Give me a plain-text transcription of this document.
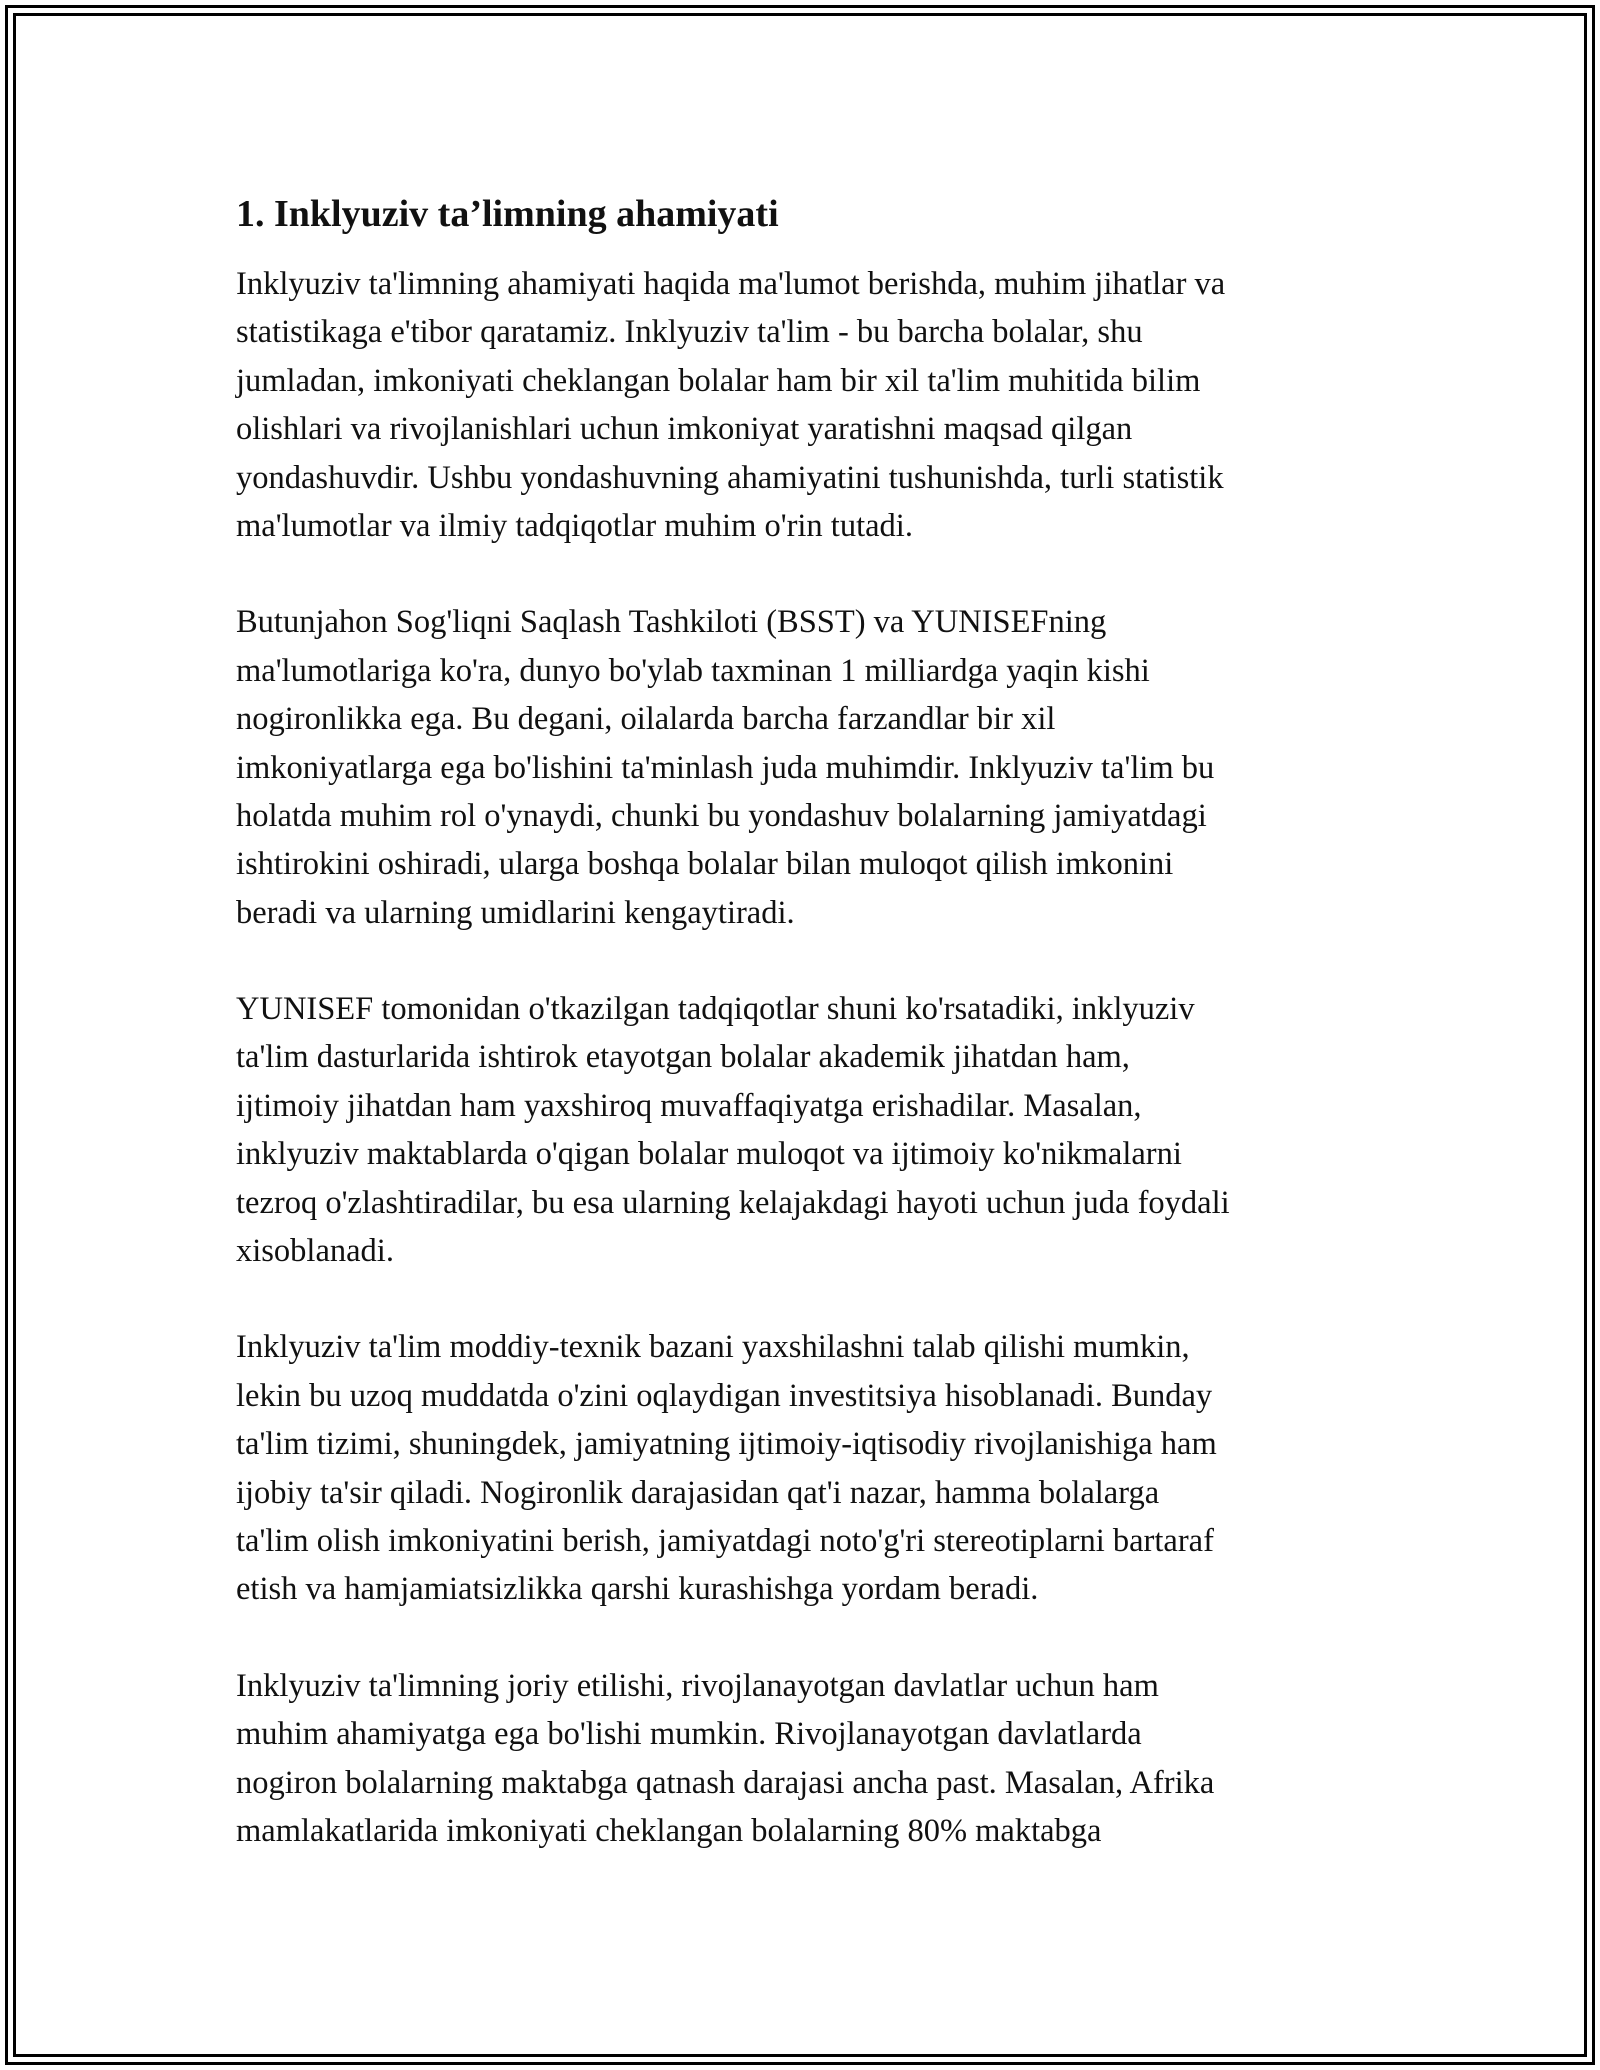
1. Inklyuziv ta’limning ahamiyati

Inklyuziv ta'limning ahamiyati haqida ma'lumot berishda, muhim jihatlar va
statistikaga e'tibor qaratamiz. Inklyuziv ta'lim - bu barcha bolalar, shu
jumladan, imkoniyati cheklangan bolalar ham bir xil ta'lim muhitida bilim
olishlari va rivojlanishlari uchun imkoniyat yaratishni maqsad qilgan
yondashuvdir. Ushbu yondashuvning ahamiyatini tushunishda, turli statistik
ma'lumotlar va ilmiy tadqiqotlar muhim o'rin tutadi.

Butunjahon Sog'liqni Saqlash Tashkiloti (BSST) va YUNISEFning
ma'lumotlariga ko'ra, dunyo bo'ylab taxminan 1 milliardga yaqin kishi
nogironlikka ega. Bu degani, oilalarda barcha farzandlar bir xil
imkoniyatlarga ega bo'lishini ta'minlash juda muhimdir. Inklyuziv ta'lim bu
holatda muhim rol o'ynaydi, chunki bu yondashuv bolalarning jamiyatdagi
ishtirokini oshiradi, ularga boshqa bolalar bilan muloqot qilish imkonini
beradi va ularning umidlarini kengaytiradi.

YUNISEF tomonidan o'tkazilgan tadqiqotlar shuni ko'rsatadiki, inklyuziv
ta'lim dasturlarida ishtirok etayotgan bolalar akademik jihatdan ham,
ijtimoiy jihatdan ham yaxshiroq muvaffaqiyatga erishadilar. Masalan,
inklyuziv maktablarda o'qigan bolalar muloqot va ijtimoiy ko'nikmalarni
tezroq o'zlashtiradilar, bu esa ularning kelajakdagi hayoti uchun juda foydali
xisoblanadi.

Inklyuziv ta'lim moddiy-texnik bazani yaxshilashni talab qilishi mumkin,
lekin bu uzoq muddatda o'zini oqlaydigan investitsiya hisoblanadi. Bunday
ta'lim tizimi, shuningdek, jamiyatning ijtimoiy-iqtisodiy rivojlanishiga ham
ijobiy ta'sir qiladi. Nogironlik darajasidan qat'i nazar, hamma bolalarga
ta'lim olish imkoniyatini berish, jamiyatdagi noto'g'ri stereotiplarni bartaraf
etish va hamjamiatsizlikka qarshi kurashishga yordam beradi.

Inklyuziv ta'limning joriy etilishi, rivojlanayotgan davlatlar uchun ham
muhim ahamiyatga ega bo'lishi mumkin. Rivojlanayotgan davlatlarda
nogiron bolalarning maktabga qatnash darajasi ancha past. Masalan, Afrika
mamlakatlarida imkoniyati cheklangan bolalarning 80% maktabga
